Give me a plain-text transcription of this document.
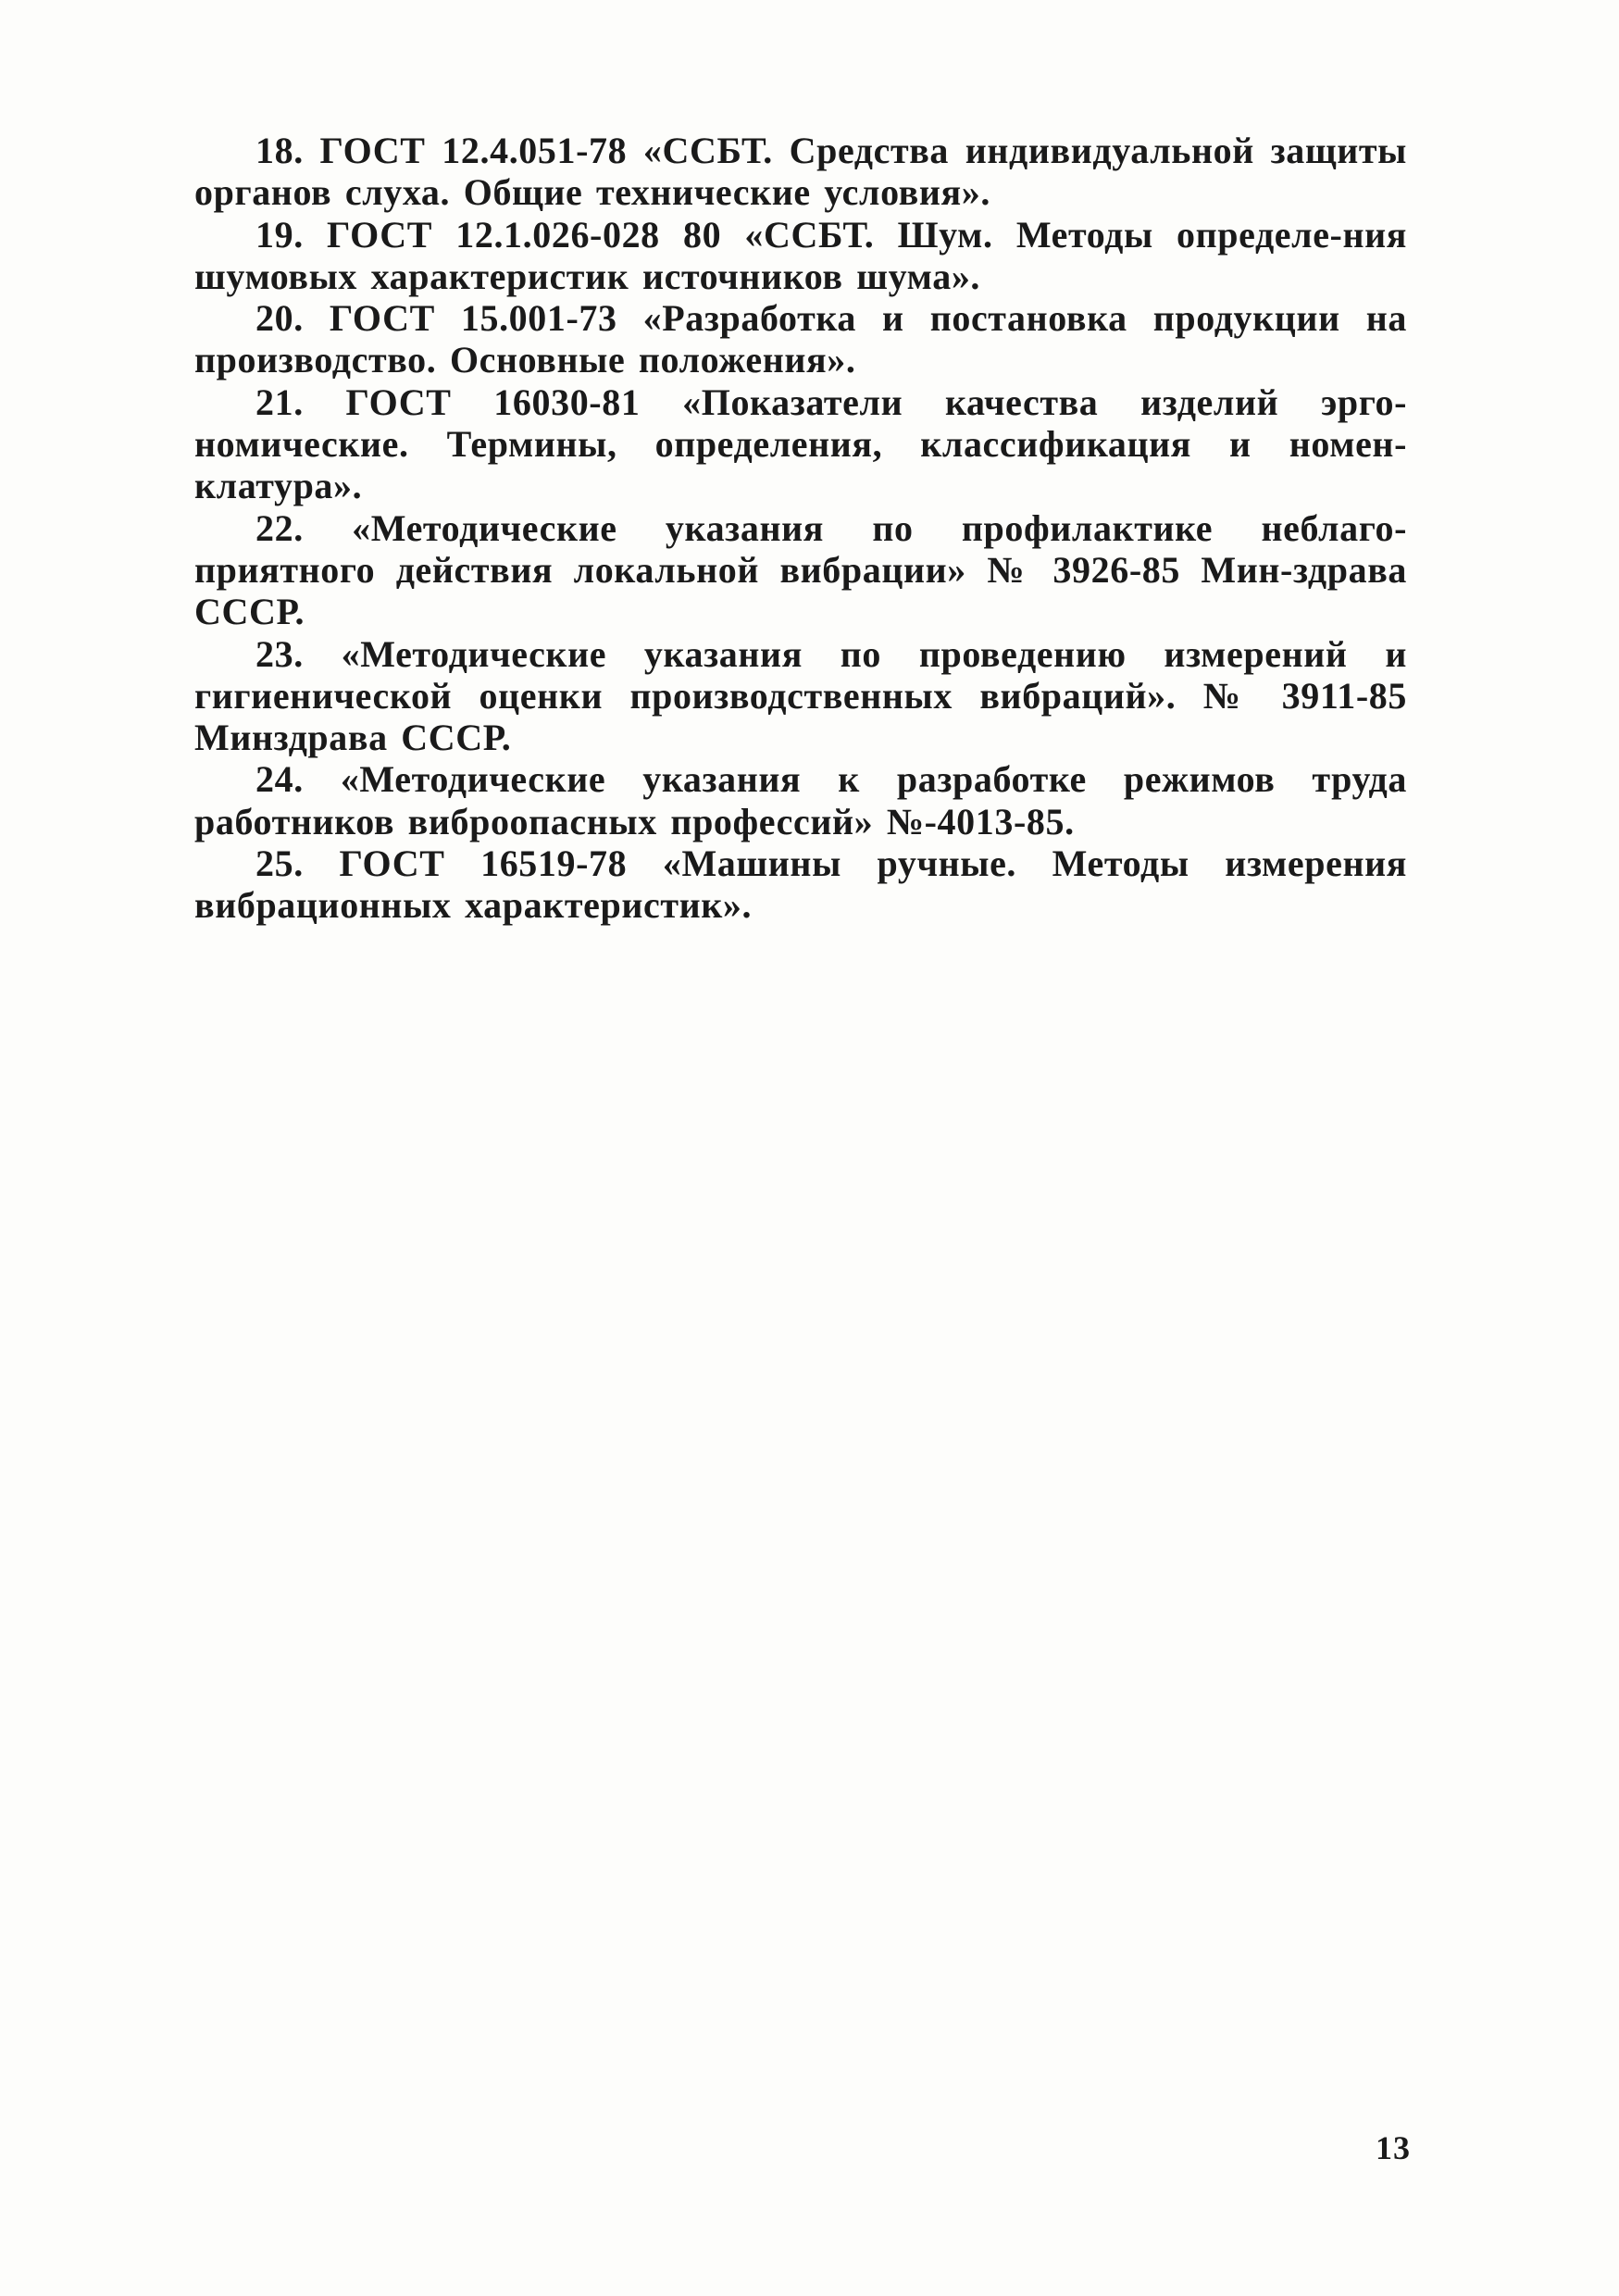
18. ГОСТ 12.4.051-78 «ССБТ. Средства индивидуальной защиты органов слуха. Общие технические условия».

19. ГОСТ 12.1.026-028 80 «ССБТ. Шум. Методы определе-ния шумовых характеристик источников шума».

20. ГОСТ 15.001-73 «Разработка и постановка продукции на производство. Основные положения».

21. ГОСТ 16030-81 «Показатели качества изделий эрго-номические. Термины, определения, классификация и номен-клатура».

22. «Методические указания по профилактике неблаго-приятного действия локальной вибрации» № 3926-85 Мин-здрава СССР.

23. «Методические указания по проведению измерений и гигиенической оценки производственных вибраций». № 3911-85 Минздрава СССР.

24. «Методические указания к разработке режимов труда работников виброопасных профессий» №-4013-85.

25. ГОСТ 16519-78 «Машины ручные. Методы измерения вибрационных характеристик».

13
